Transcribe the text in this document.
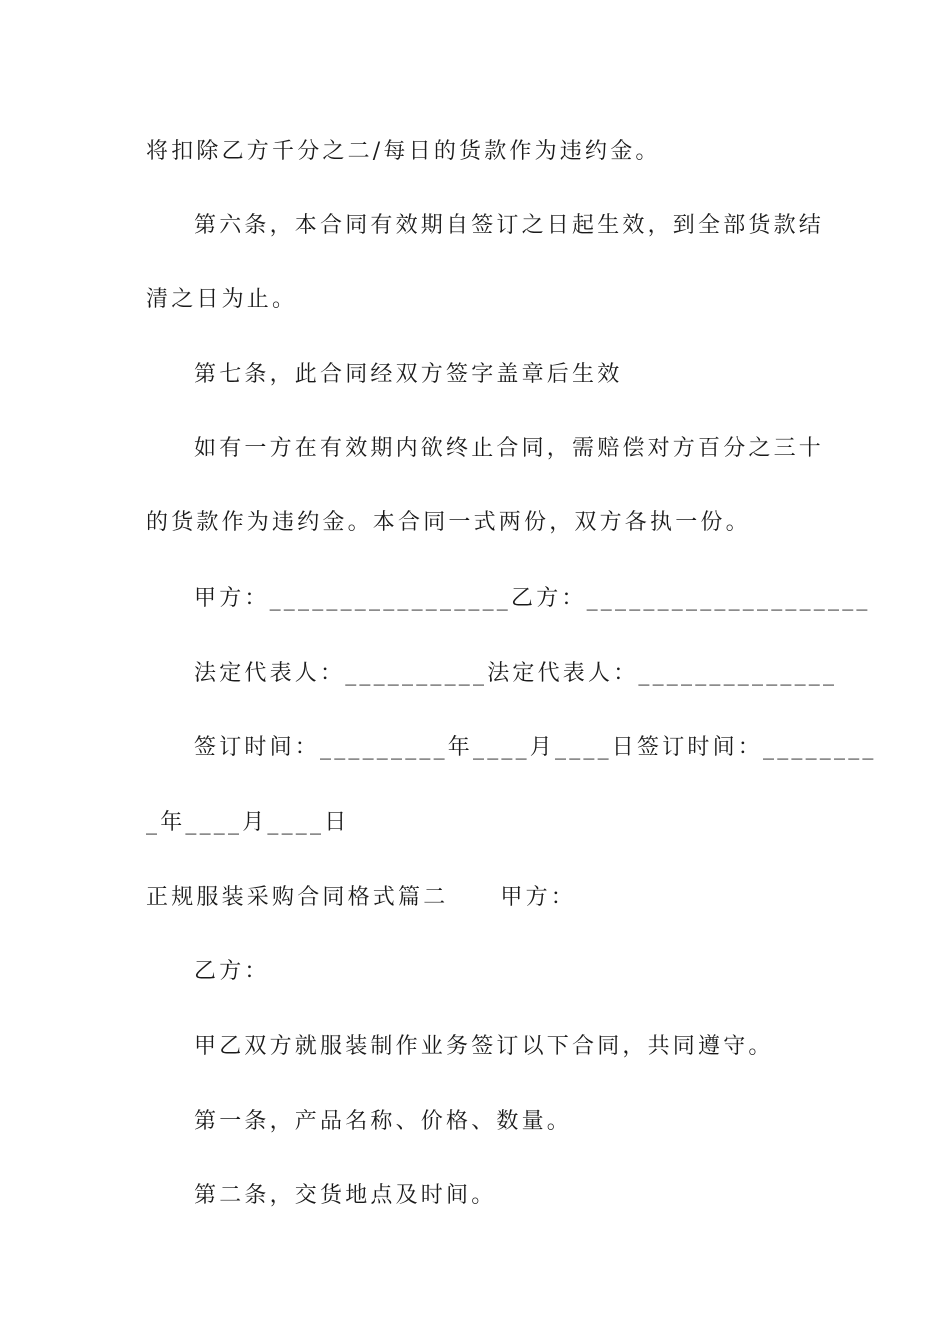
将扣除乙方千分之二/每日的货款作为违约金。
第六条，本合同有效期自签订之日起生效，到全部货款结
清之日为止。
第七条，此合同经双方签字盖章后生效
如有一方在有效期内欲终止合同，需赔偿对方百分之三十
的货款作为违约金。本合同一式两份，双方各执一份。
甲方：_________________乙方：____________________
法定代表人：__________法定代表人：______________
签订时间：_________年____月____日签订时间：________
_年____月____日
正规服装采购合同格式篇二 甲方：
乙方：
甲乙双方就服装制作业务签订以下合同，共同遵守。
第一条，产品名称、价格、数量。
第二条，交货地点及时间。
